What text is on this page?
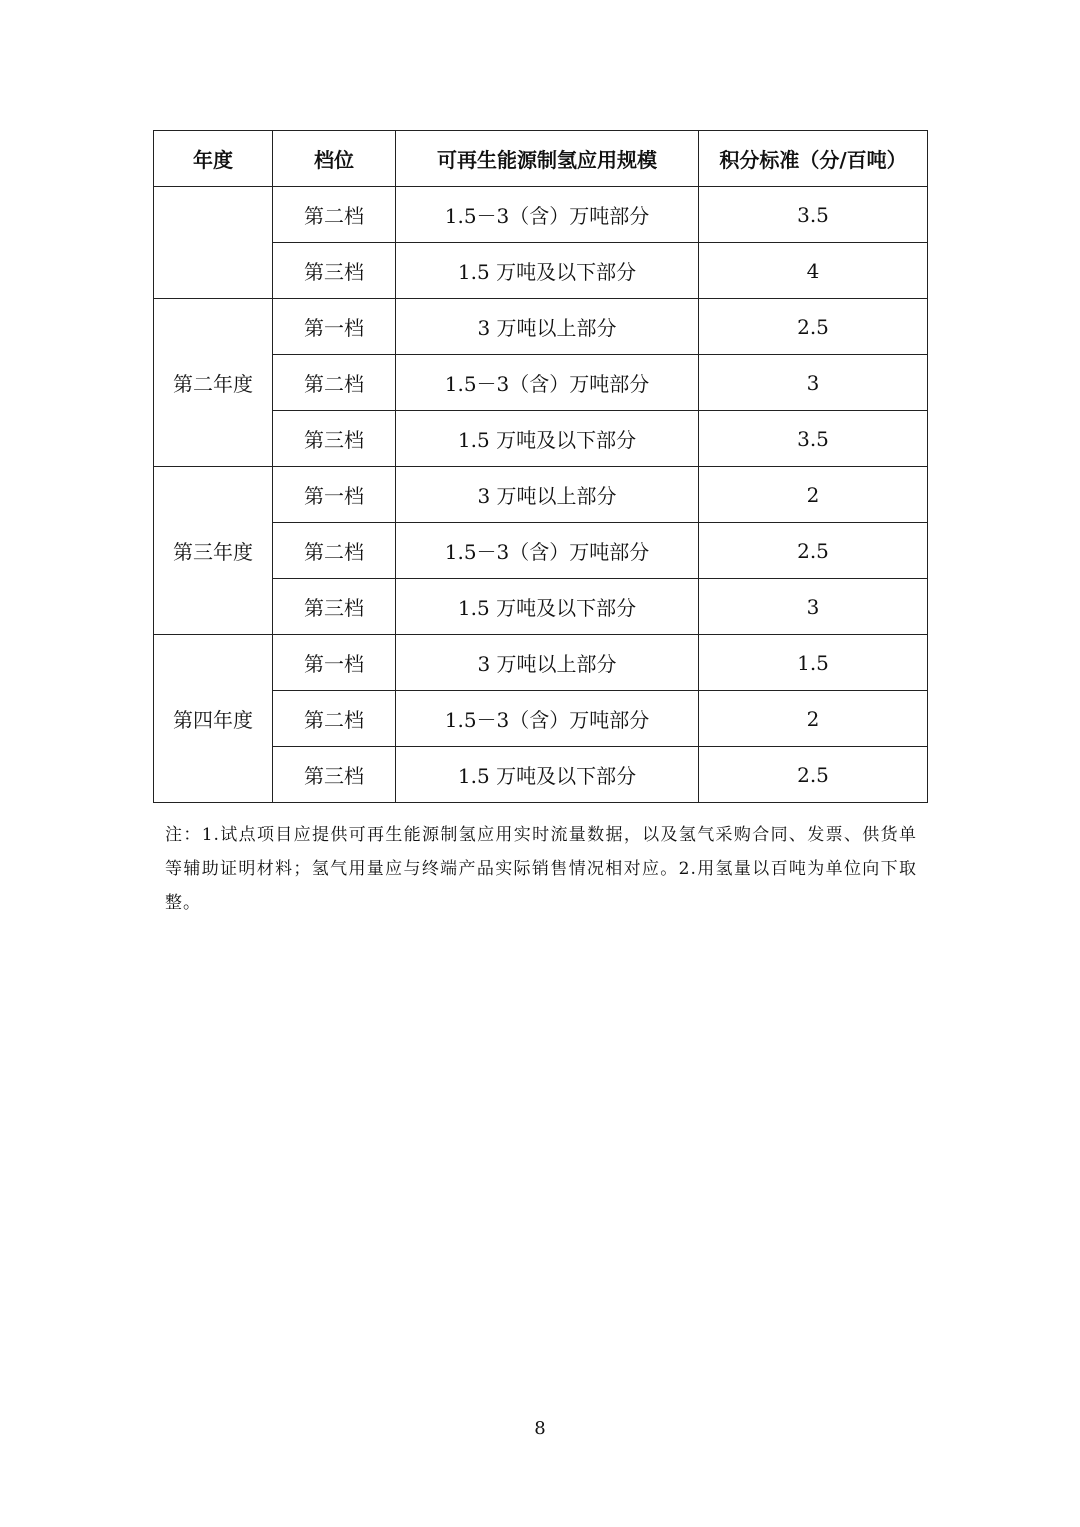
年度	档位	可再生能源制氢应用规模	积分标准（分/百吨）
	第二档	1.5－3（含）万吨部分	3.5
	第三档	1.5 万吨及以下部分	4
第二年度	第一档	3 万吨以上部分	2.5
	第二档	1.5－3（含）万吨部分	3
	第三档	1.5 万吨及以下部分	3.5
第三年度	第一档	3 万吨以上部分	2
	第二档	1.5－3（含）万吨部分	2.5
	第三档	1.5 万吨及以下部分	3
第四年度	第一档	3 万吨以上部分	1.5
	第二档	1.5－3（含）万吨部分	2
	第三档	1.5 万吨及以下部分	2.5
注：1.试点项目应提供可再生能源制氢应用实时流量数据，以及氢气采购合同、发票、供货单等辅助证明材料；氢气用量应与终端产品实际销售情况相对应。2.用氢量以百吨为单位向下取整。
8
